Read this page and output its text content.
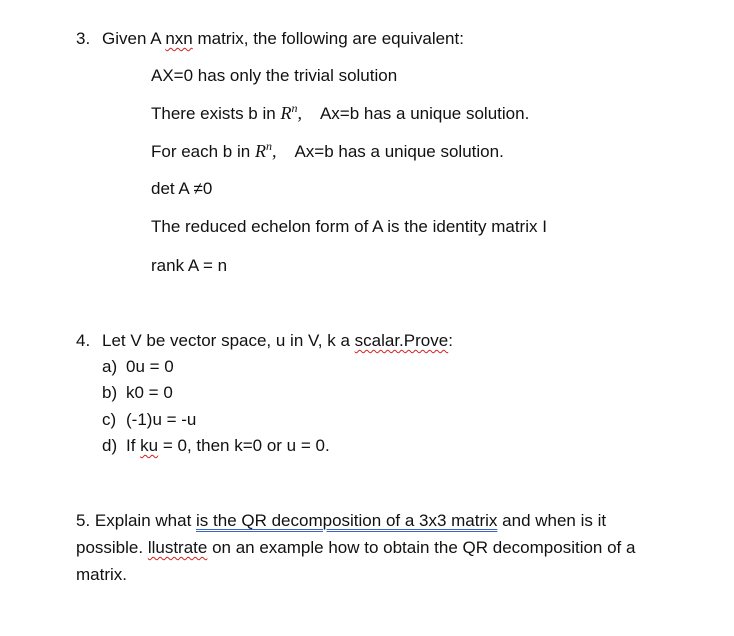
3. Given A nxn matrix, the following are equivalent:
AX=0 has only the trivial solution
There exists b in $R^n$, Ax=b has a unique solution.
For each b in $R^n$, Ax=b has a unique solution.
det A ≠0
The reduced echelon form of A is the identity matrix I
rank A = n
4. Let V be vector space, u in V, k a scalar.Prove:
a) 0u = 0
b) k0 = 0
c) (-1)u = -u
d) If ku = 0, then k=0 or u = 0.
5. Explain what is the QR decomposition of a 3x3 matrix and when is it
possible. llustrate on an example how to obtain the QR decomposition of a
matrix.
